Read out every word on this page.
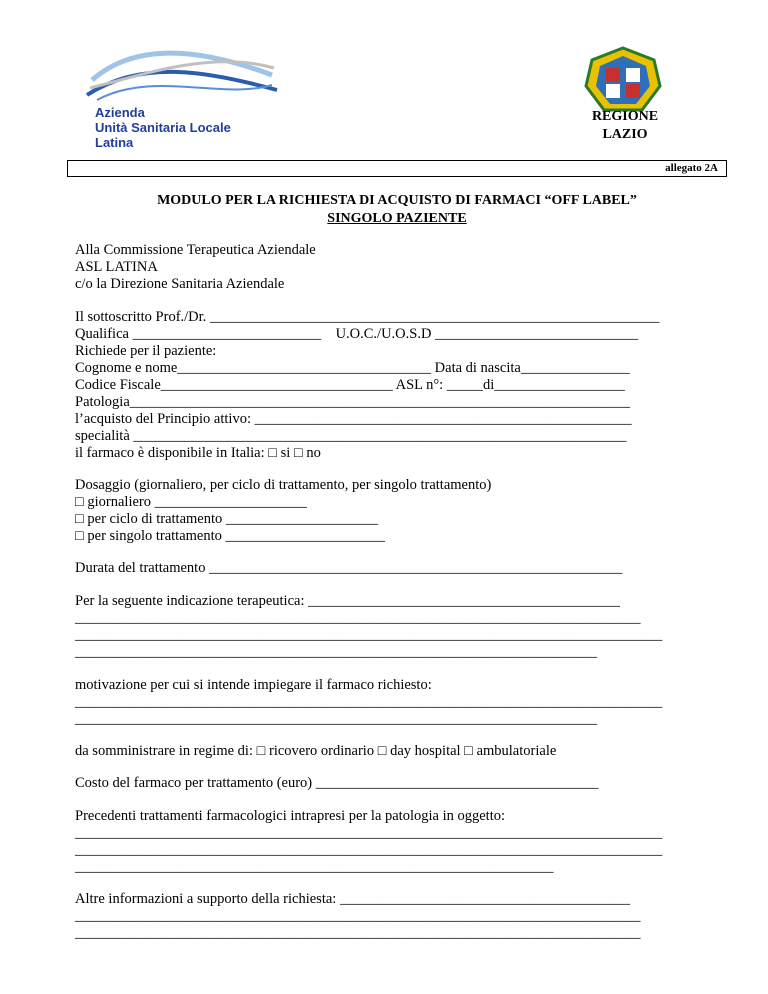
Azienda
Unità Sanitaria Locale
Latina
REGIONE
LAZIO
allegato 2A
MODULO PER LA RICHIESTA DI ACQUISTO DI FARMACI “OFF LABEL”
SINGOLO PAZIENTE
Alla Commissione Terapeutica Aziendale
ASL LATINA
c/o la Direzione Sanitaria Aziendale
Il sottoscritto Prof./Dr. ______________________________________________________________
Qualifica __________________________    U.O.C./U.O.S.D ____________________________
Richiede per il paziente:
Cognome e nome___________________________________ Data di nascita_______________
Codice Fiscale________________________________ ASL n°: _____di__________________
Patologia_____________________________________________________________________
l’acquisto del Principio attivo: ____________________________________________________
specialità ____________________________________________________________________
il farmaco è disponibile in Italia: □ si □ no
Dosaggio (giornaliero, per ciclo di trattamento, per singolo trattamento)
□ giornaliero _____________________
□ per ciclo di trattamento _____________________
□ per singolo trattamento ______________________
Durata del trattamento _________________________________________________________
Per la seguente indicazione terapeutica: ___________________________________________
______________________________________________________________________________
_________________________________________________________________________________
________________________________________________________________________
motivazione per cui si intende impiegare il farmaco richiesto:
_________________________________________________________________________________
________________________________________________________________________
da somministrare in regime di: □ ricovero ordinario □ day hospital □ ambulatoriale
Costo del farmaco per trattamento (euro) _______________________________________
Precedenti trattamenti farmacologici intrapresi per la patologia in oggetto:
_________________________________________________________________________________
_________________________________________________________________________________
__________________________________________________________________
Altre informazioni a supporto della richiesta: ________________________________________
______________________________________________________________________________
______________________________________________________________________________
